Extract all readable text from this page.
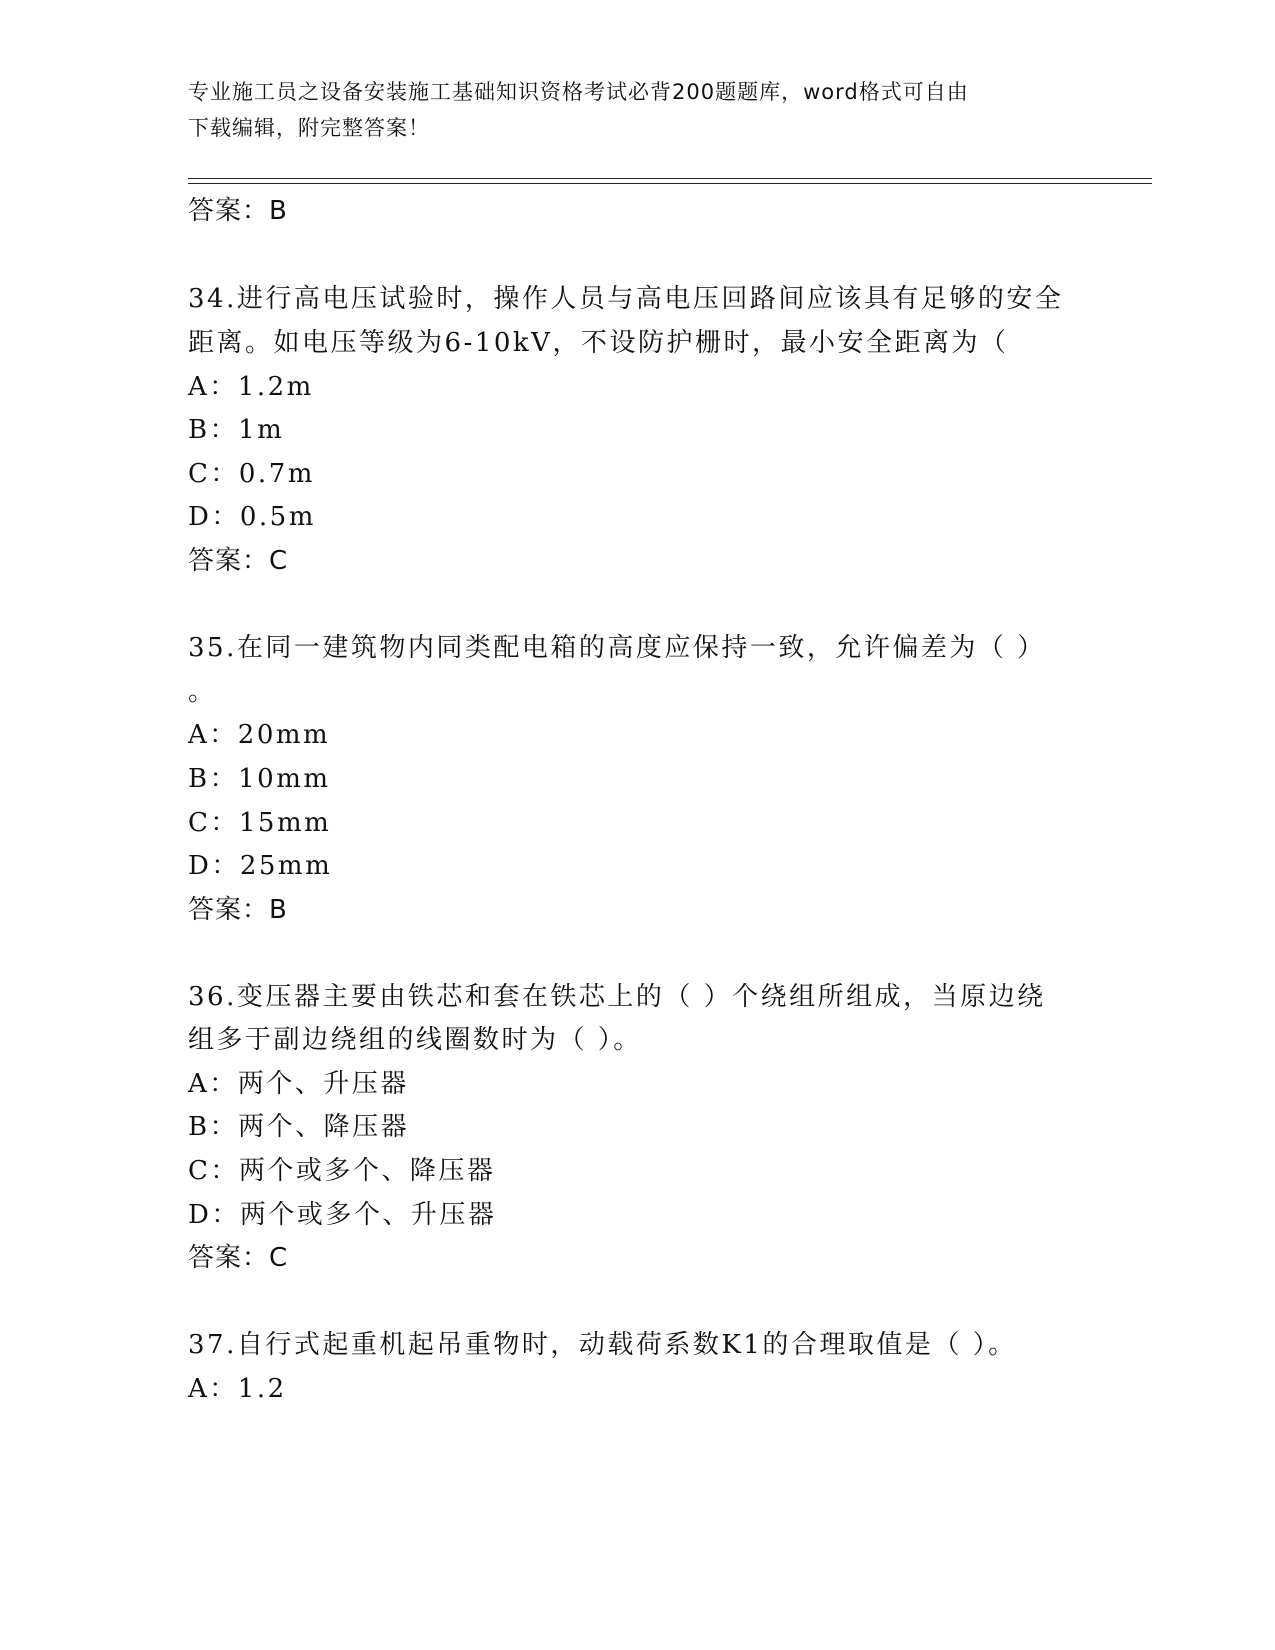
专业施工员之设备安装施工基础知识资格考试必背200题题库，word格式可自由
下载编辑，附完整答案！
答案：B
34.进行高电压试验时，操作人员与高电压回路间应该具有足够的安全
距离。如电压等级为6-10kV，不设防护栅时，最小安全距离为（
A：1.2m
B：1m
C：0.7m
D：0.5m
答案：C
35.在同一建筑物内同类配电箱的高度应保持一致，允许偏差为（ ）
。
A：20mm
B：10mm
C：15mm
D：25mm
答案：B
36.变压器主要由铁芯和套在铁芯上的（ ）个绕组所组成，当原边绕
组多于副边绕组的线圈数时为（ ）。
A：两个、升压器
B：两个、降压器
C：两个或多个、降压器
D：两个或多个、升压器
答案：C
37.自行式起重机起吊重物时，动载荷系数K1的合理取值是（ ）。
A：1.2
